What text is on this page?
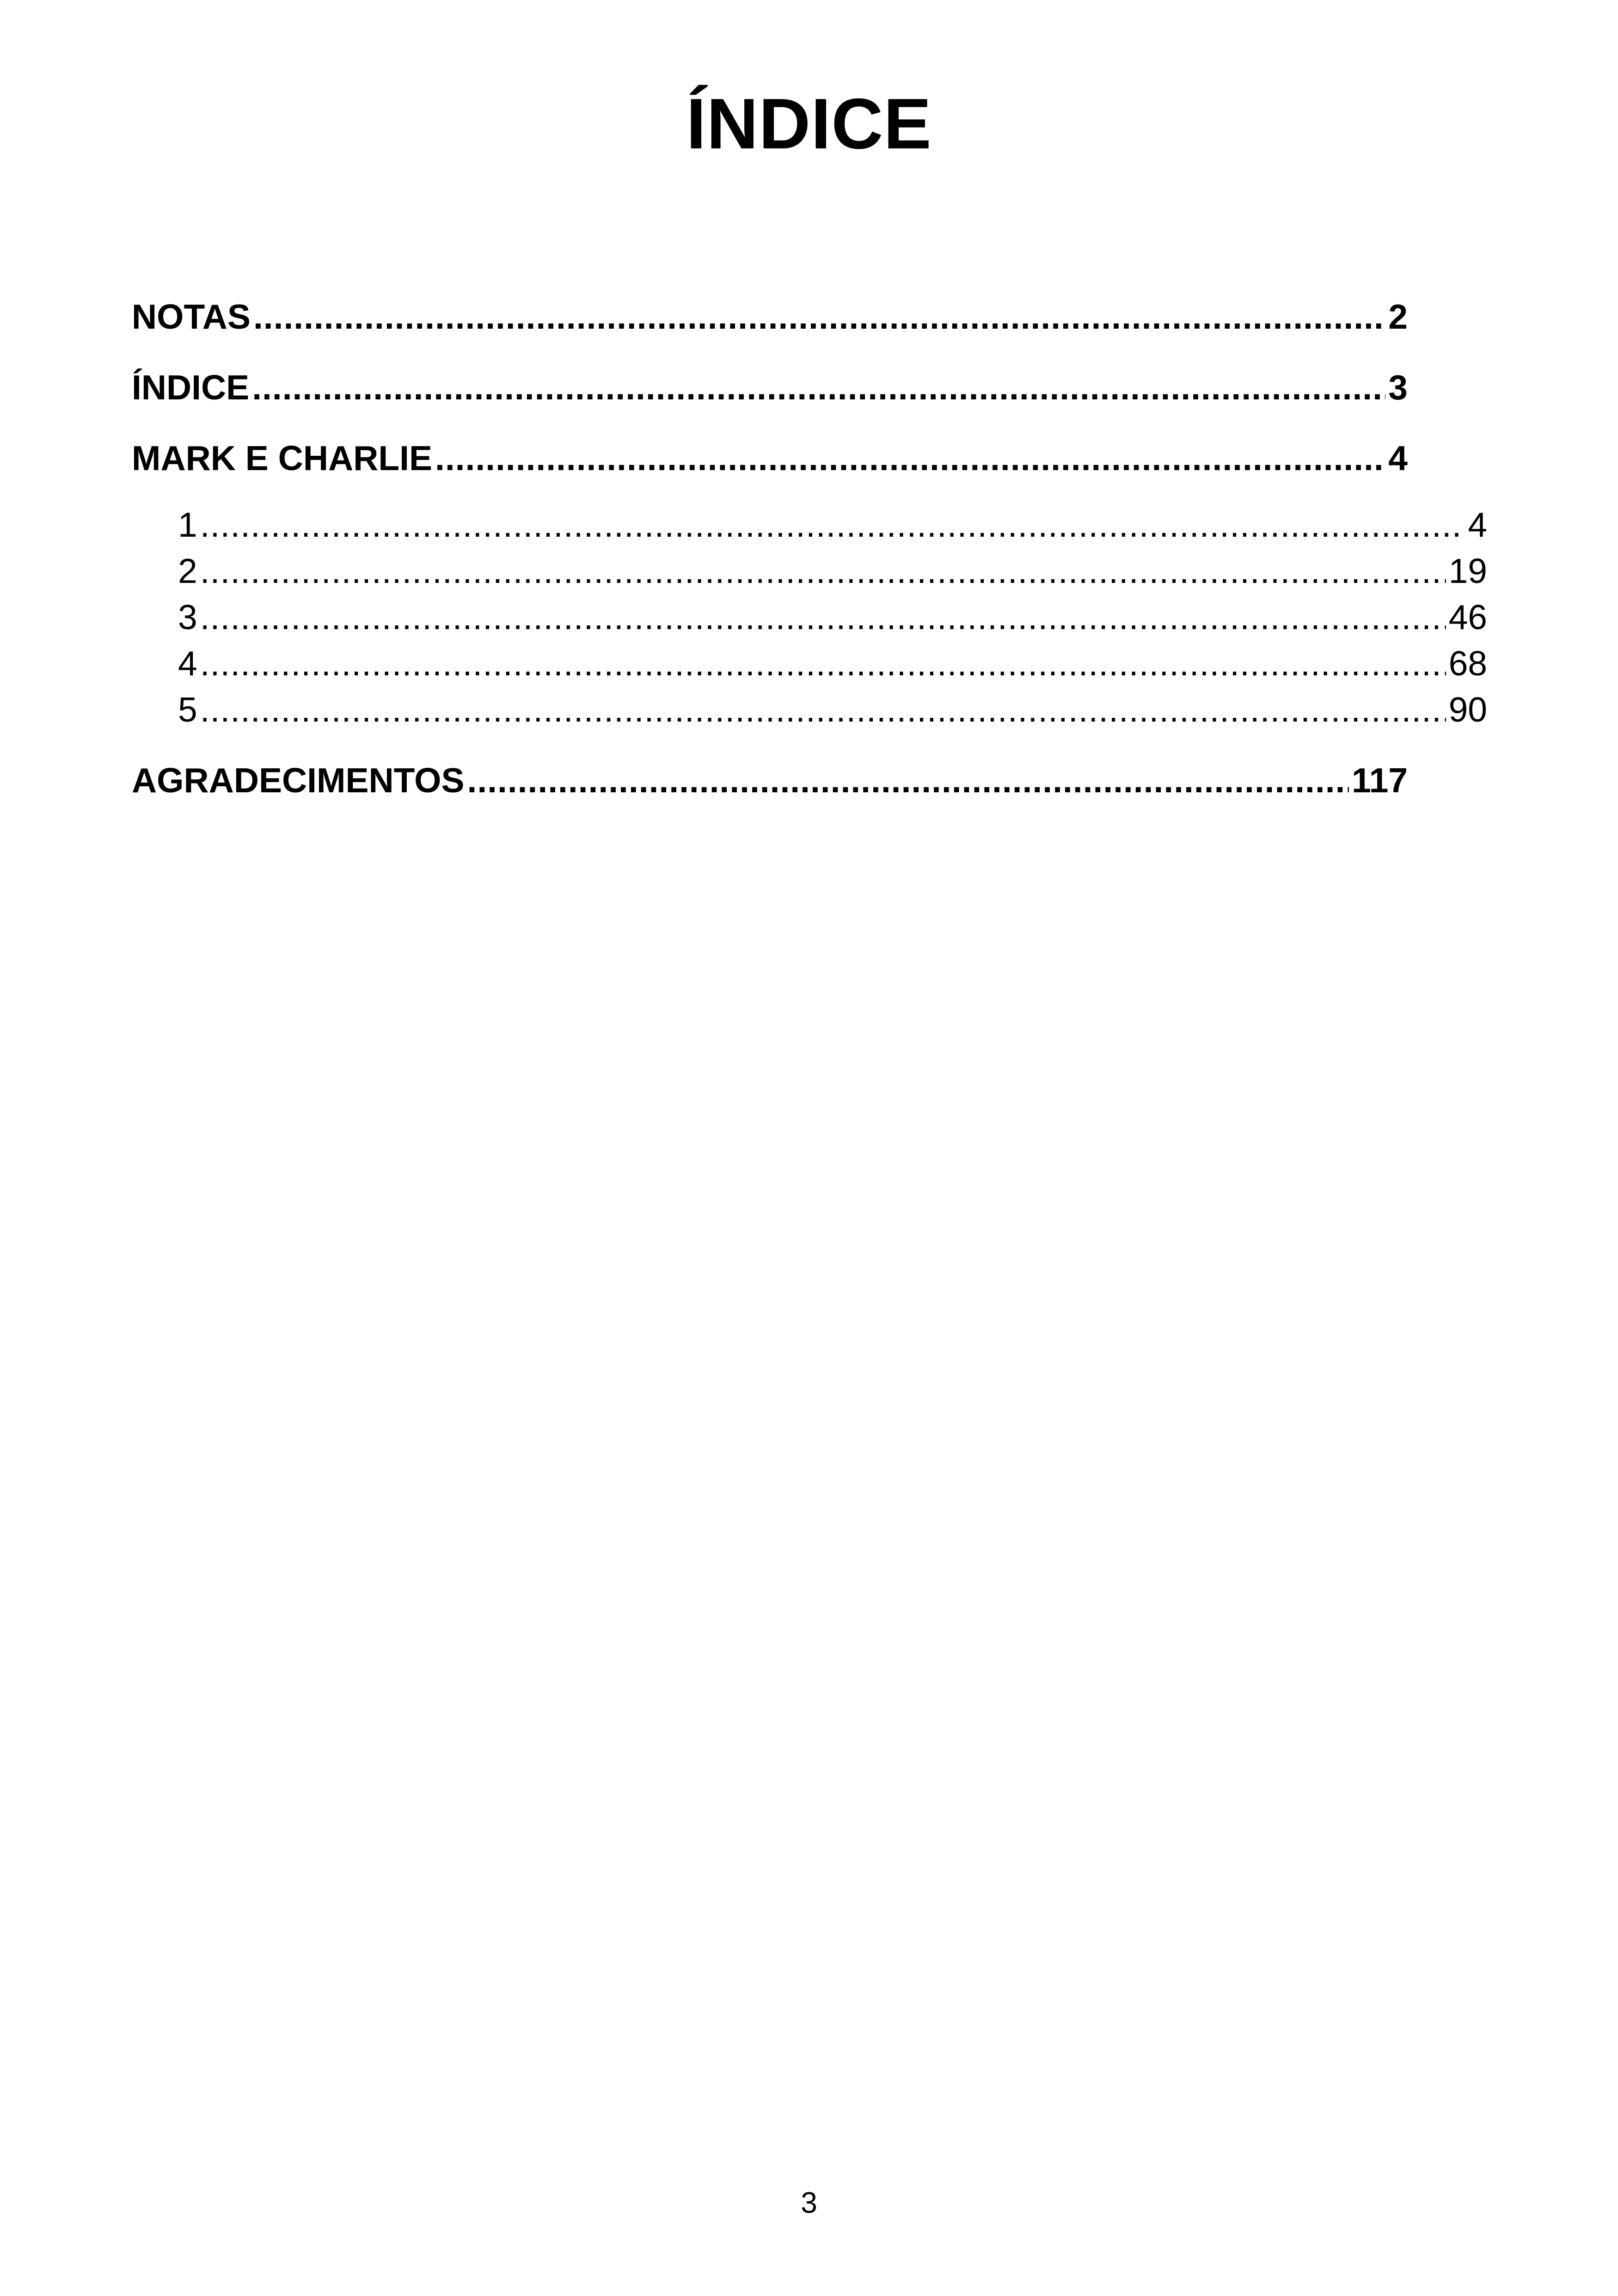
ÍNDICE
NOTAS .....	2
ÍNDICE .....	3
MARK E CHARLIE .....	4
1 .....	4
2 .....	19
3 .....	46
4 .....	68
5 .....	90
AGRADECIMENTOS .....	117
3
